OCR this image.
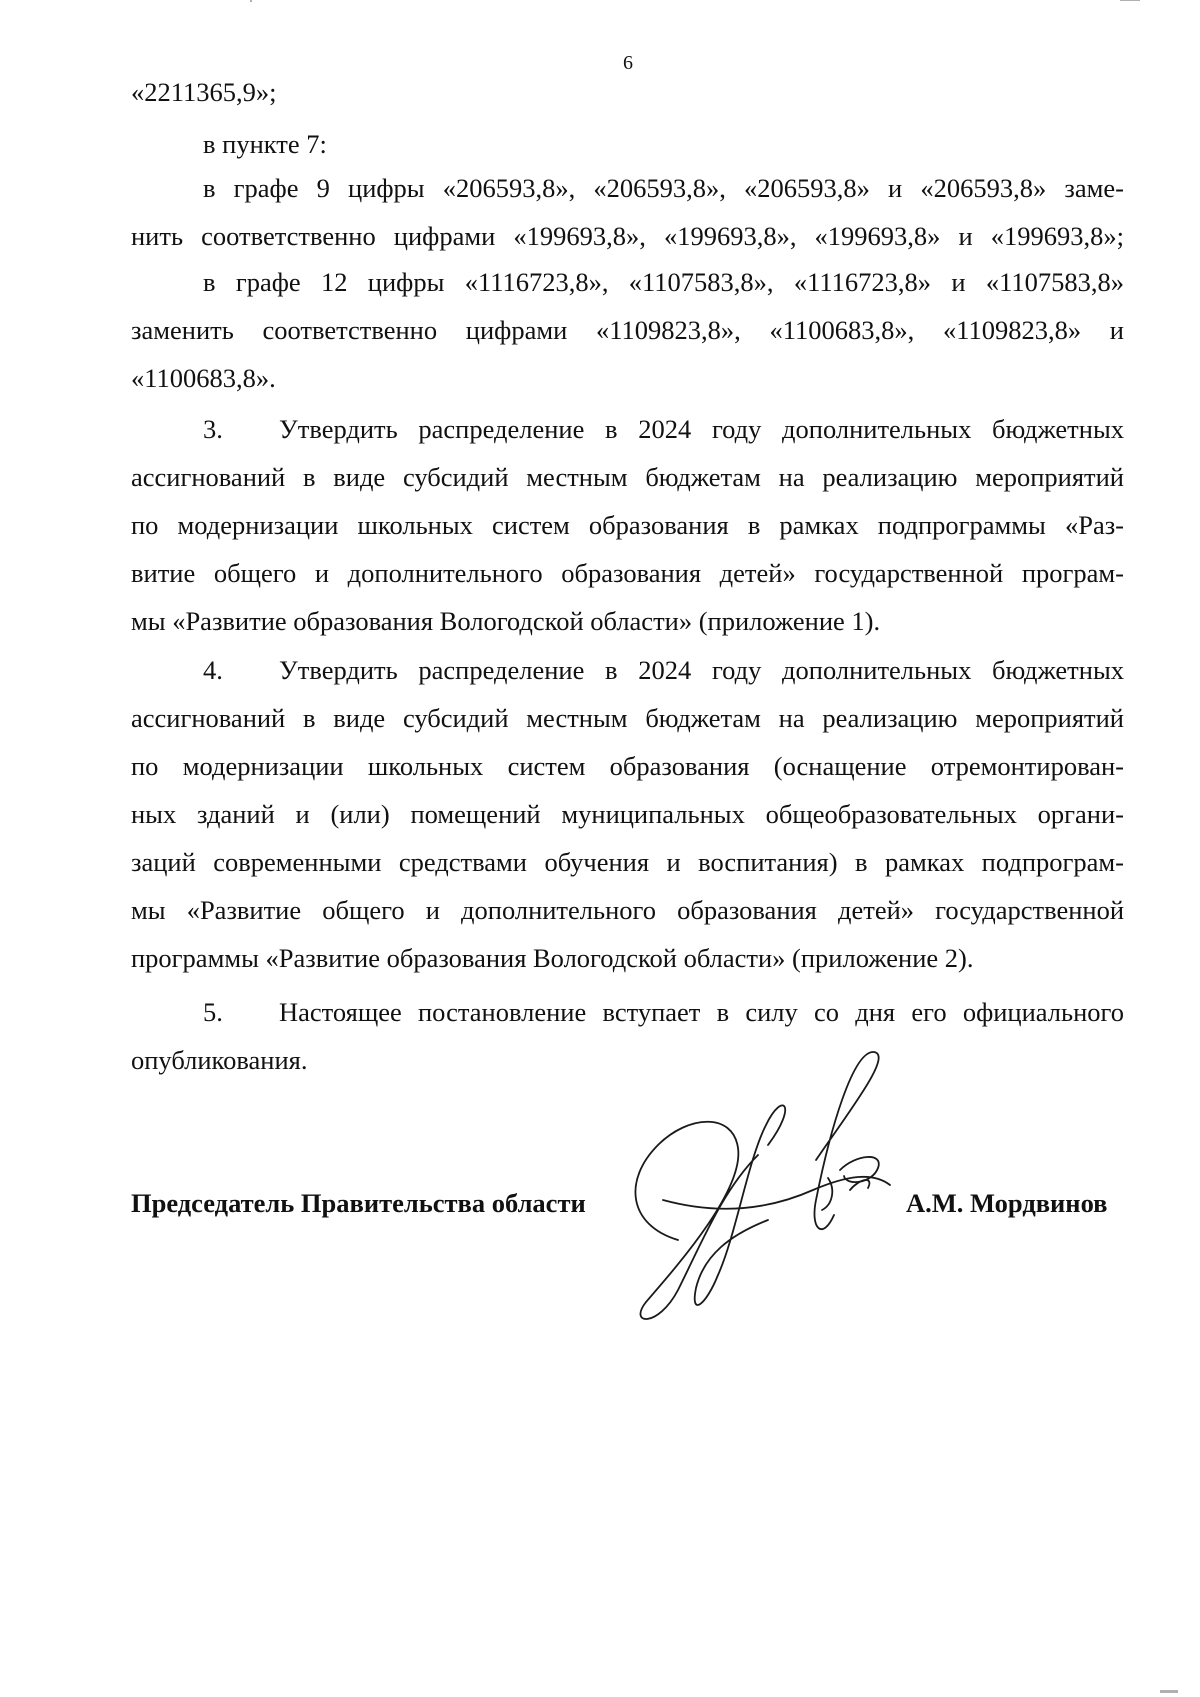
6
«2211365,9»;
в пункте 7:
в графе 9 цифры «206593,8», «206593,8», «206593,8» и «206593,8» заме-
нить соответственно цифрами «199693,8», «199693,8», «199693,8» и «199693,8»;
в графе 12 цифры «1116723,8», «1107583,8», «1116723,8» и «1107583,8»
заменить соответственно цифрами «1109823,8», «1100683,8», «1109823,8» и
«1100683,8».
3. Утвердить распределение в 2024 году дополнительных бюджетных
ассигнований в виде субсидий местным бюджетам на реализацию мероприятий
по модернизации школьных систем образования в рамках подпрограммы «Раз-
витие общего и дополнительного образования детей» государственной програм-
мы «Развитие образования Вологодской области» (приложение 1).
4. Утвердить распределение в 2024 году дополнительных бюджетных
ассигнований в виде субсидий местным бюджетам на реализацию мероприятий
по модернизации школьных систем образования (оснащение отремонтирован-
ных зданий и (или) помещений муниципальных общеобразовательных органи-
заций современными средствами обучения и воспитания) в рамках подпрограм-
мы «Развитие общего и дополнительного образования детей» государственной
программы «Развитие образования Вологодской области» (приложение 2).
5. Настоящее постановление вступает в силу со дня его официального
опубликования.
Председатель Правительства области	А.М. Мордвинов
